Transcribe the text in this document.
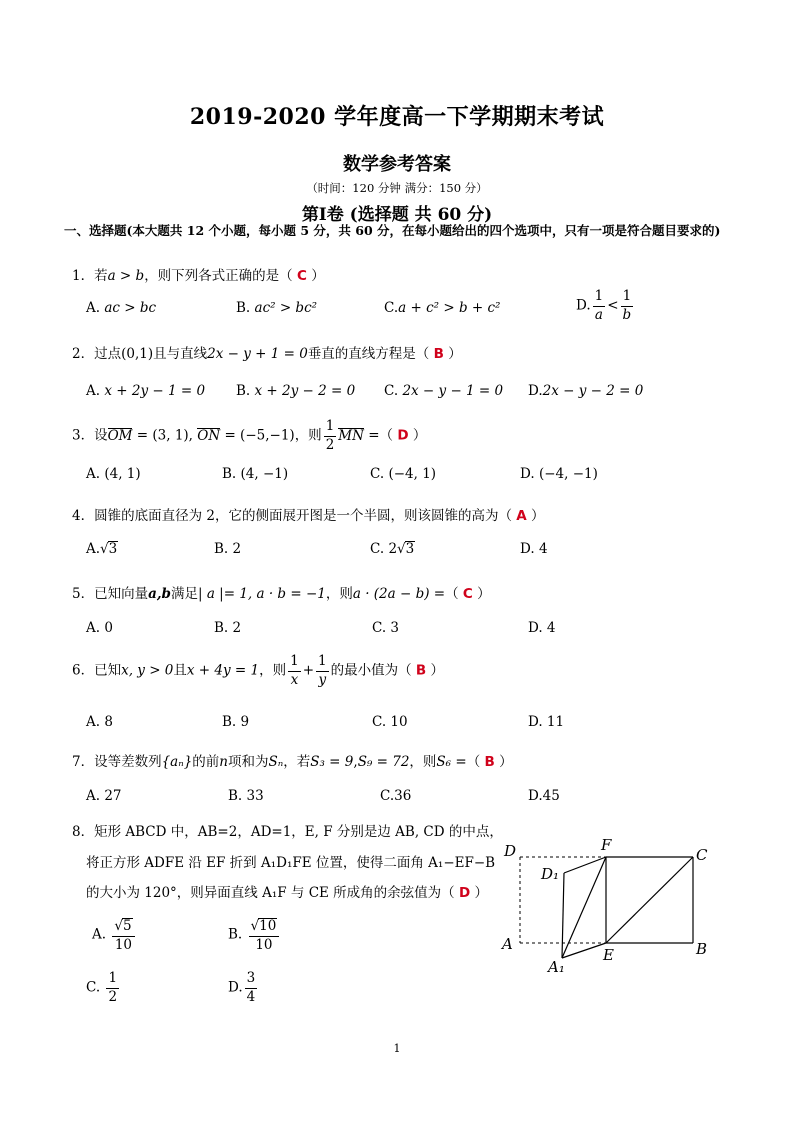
2019-2020 学年度高一下学期期末考试
数学参考答案
（时间：120 分钟 满分：150 分）
第Ⅰ卷 (选择题 共 60 分)
一、选择题(本大题共 12 个小题，每小题 5 分，共 60 分，在每小题给出的四个选项中，只有一项是符合题目要求的)
1．若a > b，则下列各式正确的是（ C ）
A. ac > bc	B. ac² > bc²	C.a + c² > b + c²	D. $\frac{1}{a} < \frac{1}{b}$
2．过点(0,1)且与直线2x − y + 1 = 0垂直的直线方程是（ B ）
A. x + 2y − 1 = 0 B. x + 2y − 2 = 0 C. 2x − y − 1 = 0 D.2x − y − 2 = 0
3．设OM = (3, 1), ON = (−5,−1)，则 $\frac{1}{2}$ MN =（ D ）
A. (4, 1)	B. (4, −1)	C. (−4, 1)	D. (−4, −1)
4．圆锥的底面直径为 2，它的侧面展开图是一个半圆，则该圆锥的高为（ A ）
A.√3	B. 2	C. 2√3	D. 4
5．已知向量a,b满足| a |= 1, a · b = −1，则a · (2a − b) =（ C ）
A. 0	B. 2	C. 3	D. 4
6．已知x, y > 0且x + 4y = 1，则 $\frac{1}{x} + \frac{1}{y}$ 的最小值为（ B ）
A. 8	B. 9	C. 10	D. 11
7．设等差数列{aₙ}的前n项和为Sₙ，若S₃ = 9,S₉ = 72，则S₆ =（ B ）
A. 27	B. 33	C.36	D.45
8．矩形 ABCD 中，AB=2，AD=1，E, F 分别是边 AB, CD 的中点，
将正方形 ADFE 沿 EF 折到 A₁D₁FE 位置，使得二面角 A₁−EF−B
的大小为 120°，则异面直线 A₁F 与 CE 所成角的余弦值为（ D ）
A. $\frac{√5}{10}$	B. $\frac{√10}{10}$
C. $\frac{1}{2}$	D. $\frac{3}{4}$
D	F
C
D₁
A
E	B
A₁
1
